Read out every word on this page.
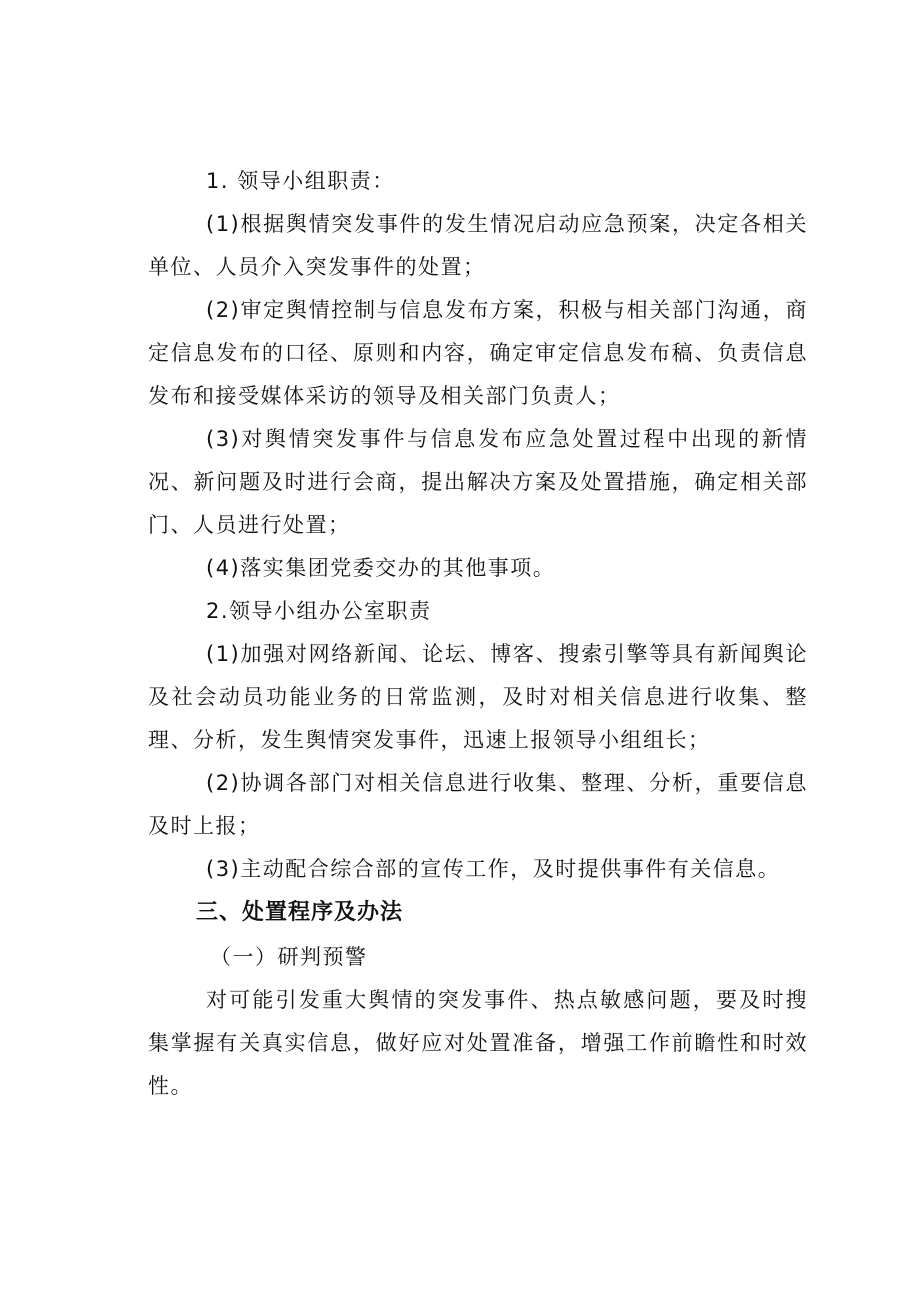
1. 领导小组职责：

(1)根据舆情突发事件的发生情况启动应急预案，决定各相关单位、人员介入突发事件的处置；

(2)审定舆情控制与信息发布方案，积极与相关部门沟通，商定信息发布的口径、原则和内容，确定审定信息发布稿、负责信息发布和接受媒体采访的领导及相关部门负责人；

(3)对舆情突发事件与信息发布应急处置过程中出现的新情况、新问题及时进行会商，提出解决方案及处置措施，确定相关部门、人员进行处置；

(4)落实集团党委交办的其他事项。

2.领导小组办公室职责

(1)加强对网络新闻、论坛、博客、搜索引擎等具有新闻舆论及社会动员功能业务的日常监测，及时对相关信息进行收集、整理、分析，发生舆情突发事件，迅速上报领导小组组长；

(2)协调各部门对相关信息进行收集、整理、分析，重要信息及时上报；

(3)主动配合综合部的宣传工作，及时提供事件有关信息。

三、处置程序及办法

（一）研判预警

对可能引发重大舆情的突发事件、热点敏感问题，要及时搜集掌握有关真实信息，做好应对处置准备，增强工作前瞻性和时效性。
